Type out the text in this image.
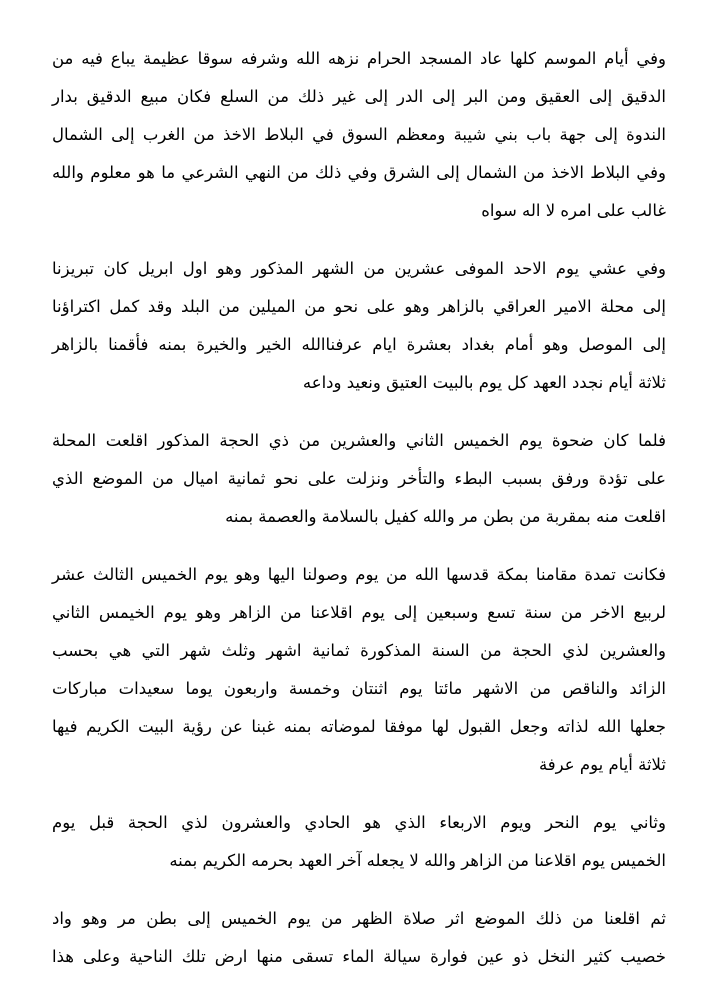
وفي أيام الموسم كلها عاد المسجد الحرام نزهه الله وشرفه سوقا عظيمة يباع فيه من
الدقيق إلى العقيق ومن البر إلى الدر إلى غير ذلك من السلع فكان مبيع الدقيق بدار
الندوة إلى جهة باب بني شيبة ومعظم السوق في البلاط الاخذ من الغرب إلى الشمال
وفي البلاط الاخذ من الشمال إلى الشرق وفي ذلك من النهي الشرعي ما هو معلوم والله
غالب على امره لا اله سواه
وفي عشي يوم الاحد الموفى عشرين من الشهر المذكور وهو اول ابريل كان تبريزنا
إلى محلة الامير العراقي بالزاهر وهو على نحو من الميلين من البلد وقد كمل اكتراؤنا
إلى الموصل وهو أمام بغداد بعشرة ايام عرفناالله الخير والخيرة بمنه فأقمنا بالزاهر
ثلاثة أيام نجدد العهد كل يوم بالبيت العتيق ونعيد وداعه
فلما كان ضحوة يوم الخميس الثاني والعشرين من ذي الحجة المذكور اقلعت المحلة
على تؤدة ورفق بسبب البطء والتأخر ونزلت على نحو ثمانية اميال من الموضع الذي
اقلعت منه بمقربة من بطن مر والله كفيل بالسلامة والعصمة بمنه
فكانت تمدة مقامنا بمكة قدسها الله من يوم وصولنا اليها وهو يوم الخميس الثالث عشر
لربيع الاخر من سنة تسع وسبعين إلى يوم اقلاعنا من الزاهر وهو يوم الخيمس الثاني
والعشرين لذي الحجة من السنة المذكورة ثمانية اشهر وثلث شهر التي هي بحسب
الزائد والناقص من الاشهر مائتا يوم اثنتان وخمسة واربعون يوما سعيدات مباركات
جعلها الله لذاته وجعل القبول لها موفقا لموضاته بمنه غبنا عن رؤية البيت الكريم فيها
ثلاثة أيام يوم عرفة
وثاني يوم النحر ويوم الاربعاء الذي هو الحادي والعشرون لذي الحجة قبل يوم
الخميس يوم اقلاعنا من الزاهر والله لا يجعله آخر العهد بحرمه الكريم بمنه
ثم اقلعنا من ذلك الموضع اثر صلاة الظهر من يوم الخميس إلى بطن مر وهو واد
خصيب كثير النخل ذو عين فوارة سيالة الماء تسقى منها ارض تلك الناحية وعلى هذا
